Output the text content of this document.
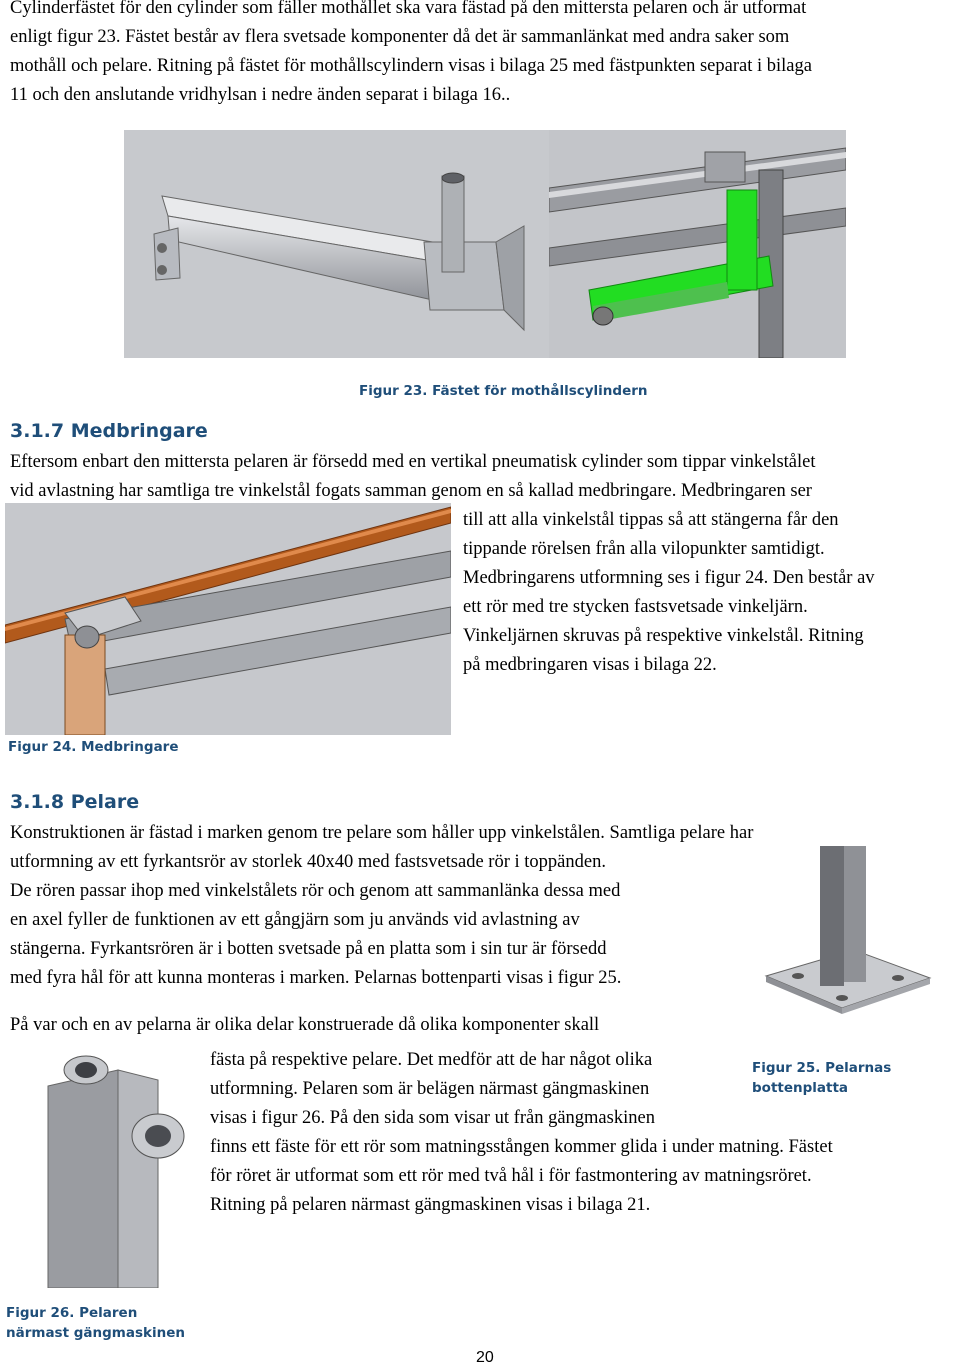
Cylinderfästet för den cylinder som fäller mothållet ska vara fästad på den mittersta pelaren och är utformat

enligt figur 23. Fästet består av flera svetsade komponenter då det är sammanlänkat med andra saker som

mothåll och pelare. Ritning på fästet för mothållscylindern visas i bilaga 25 med fästpunkten separat i bilaga

11 och den anslutande vridhylsan i nedre änden separat i bilaga 16..

Figur 23. Fästet för mothållscylindern
3.1.7 Medbringare

Eftersom enbart den mittersta pelaren är försedd med en vertikal pneumatisk cylinder som tippar vinkelstålet

vid avlastning har samtliga tre vinkelstål fogats samman genom en så kallad medbringare. Medbringaren ser

till att alla vinkelstål tippas så att stängerna får den

tippande rörelsen från alla vilopunkter samtidigt.

Medbringarens utformning ses i figur 24. Den består av

ett rör med tre stycken fastsvetsade vinkeljärn.

Vinkeljärnen skruvas på respektive vinkelstål. Ritning

på medbringaren visas i bilaga 22.

Figur 24. Medbringare
3.1.8 Pelare

Konstruktionen är fästad i marken genom tre pelare som håller upp vinkelstålen. Samtliga pelare har

utformning av ett fyrkantsrör av storlek 40x40 med fastsvetsade rör i toppänden.

De rören passar ihop med vinkelstålets rör och genom att sammanlänka dessa med

en axel fyller de funktionen av ett gångjärn som ju används vid avlastning av

stängerna. Fyrkantsrören är i botten svetsade på en platta som i sin tur är försedd

med fyra hål för att kunna monteras i marken. Pelarnas bottenparti visas i figur 25.

På var och en av pelarna är olika delar konstruerade då olika komponenter skall
Figur 25. Pelarnas
bottenplatta

fästa på respektive pelare. Det medför att de har något olika

utformning. Pelaren som är belägen närmast gängmaskinen

visas i figur 26. På den sida som visar ut från gängmaskinen

finns ett fäste för ett rör som matningsstången kommer glida i under matning. Fästet

för röret är utformat som ett rör med två hål i för fastmontering av matningsröret.

Ritning på pelaren närmast gängmaskinen visas i bilaga 21.

Figur 26. Pelaren
närmast gängmaskinen
20
